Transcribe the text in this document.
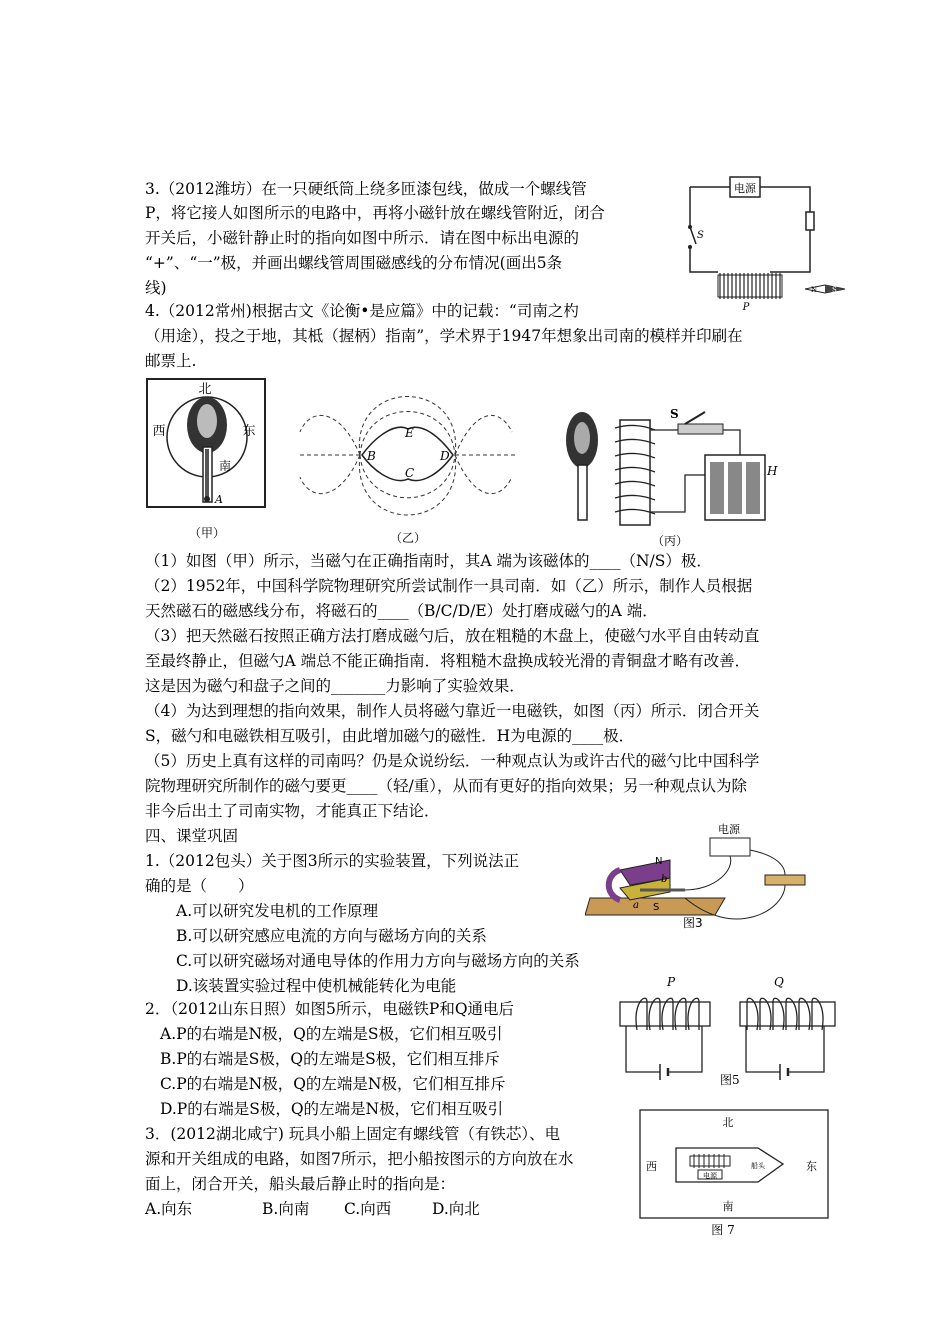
3.（2012潍坊）在一只硬纸筒上绕多匝漆包线，做成一个螺线管
P，将它接人如图所示的电路中，再将小磁针放在螺线管附近，闭合
开关后，小磁针静止时的指向如图中所示．请在图中标出电源的
“+”、“一”极，并画出螺线管周围磁感线的分布情况(画出5条
线)
电源
S
P
N S
4.（2012常州)根据古文《论衡•是应篇》中的记载：“司南之杓
（用途），投之于地，其柢（握柄）指南”，学术界于1947年想象出司南的模样并印刷在
邮票上.
北
西	东
南
A
（甲）
B
C
D
E
（乙）
S
H
（丙）
（1）如图（甲）所示，当磁勺在正确指南时，其A 端为该磁体的____（N/S）极．
（2）1952年，中国科学院物理研究所尝试制作一具司南．如（乙）所示，制作人员根据
天然磁石的磁感线分布，将磁石的____（B/C/D/E）处打磨成磁勺的A 端．
（3）把天然磁石按照正确方法打磨成磁勺后，放在粗糙的木盘上，使磁勺水平自由转动直
至最终静止，但磁勺A 端总不能正确指南．将粗糙木盘换成较光滑的青铜盘才略有改善．
这是因为磁勺和盘子之间的_______力影响了实验效果．
（4）为达到理想的指向效果，制作人员将磁勺靠近一电磁铁，如图（丙）所示．闭合开关
S，磁勺和电磁铁相互吸引，由此增加磁勺的磁性．H为电源的____极．
（5）历史上真有这样的司南吗？仍是众说纷纭．一种观点认为或许古代的磁勺比中国科学
院物理研究所制作的磁勺要更____（轻/重），从而有更好的指向效果；另一种观点认为除
非今后出土了司南实物，才能真正下结论．
四、课堂巩固
1.（2012包头）关于图3所示的实验装置，下列说法正
确的是（　　）
A.可以研究发电机的工作原理
B.可以研究感应电流的方向与磁场方向的关系
C.可以研究磁场对通电导体的作用力方向与磁场方向的关系
D.该装置实验过程中使机械能转化为电能
电源
N
S
a
b
图3
2．（2012山东日照）如图5所示，电磁铁P和Q通电后
A.P的右端是N极，Q的左端是S极，它们相互吸引
B.P的右端是S极，Q的左端是S极，它们相互排斥
C.P的右端是N极，Q的左端是N极，它们相互排斥
D.P的右端是S极，Q的左端是N极，它们相互吸引
P	Q
图5
3．(2012湖北咸宁) 玩具小船上固定有螺线管（有铁芯）、电
源和开关组成的电路，如图7所示，把小船按图示的方向放在水
面上，闭合开关，船头最后静止时的指向是：
A.向东	B.向南 C.向西	D.向北
北
南
西	东
电源
船头
图 7
